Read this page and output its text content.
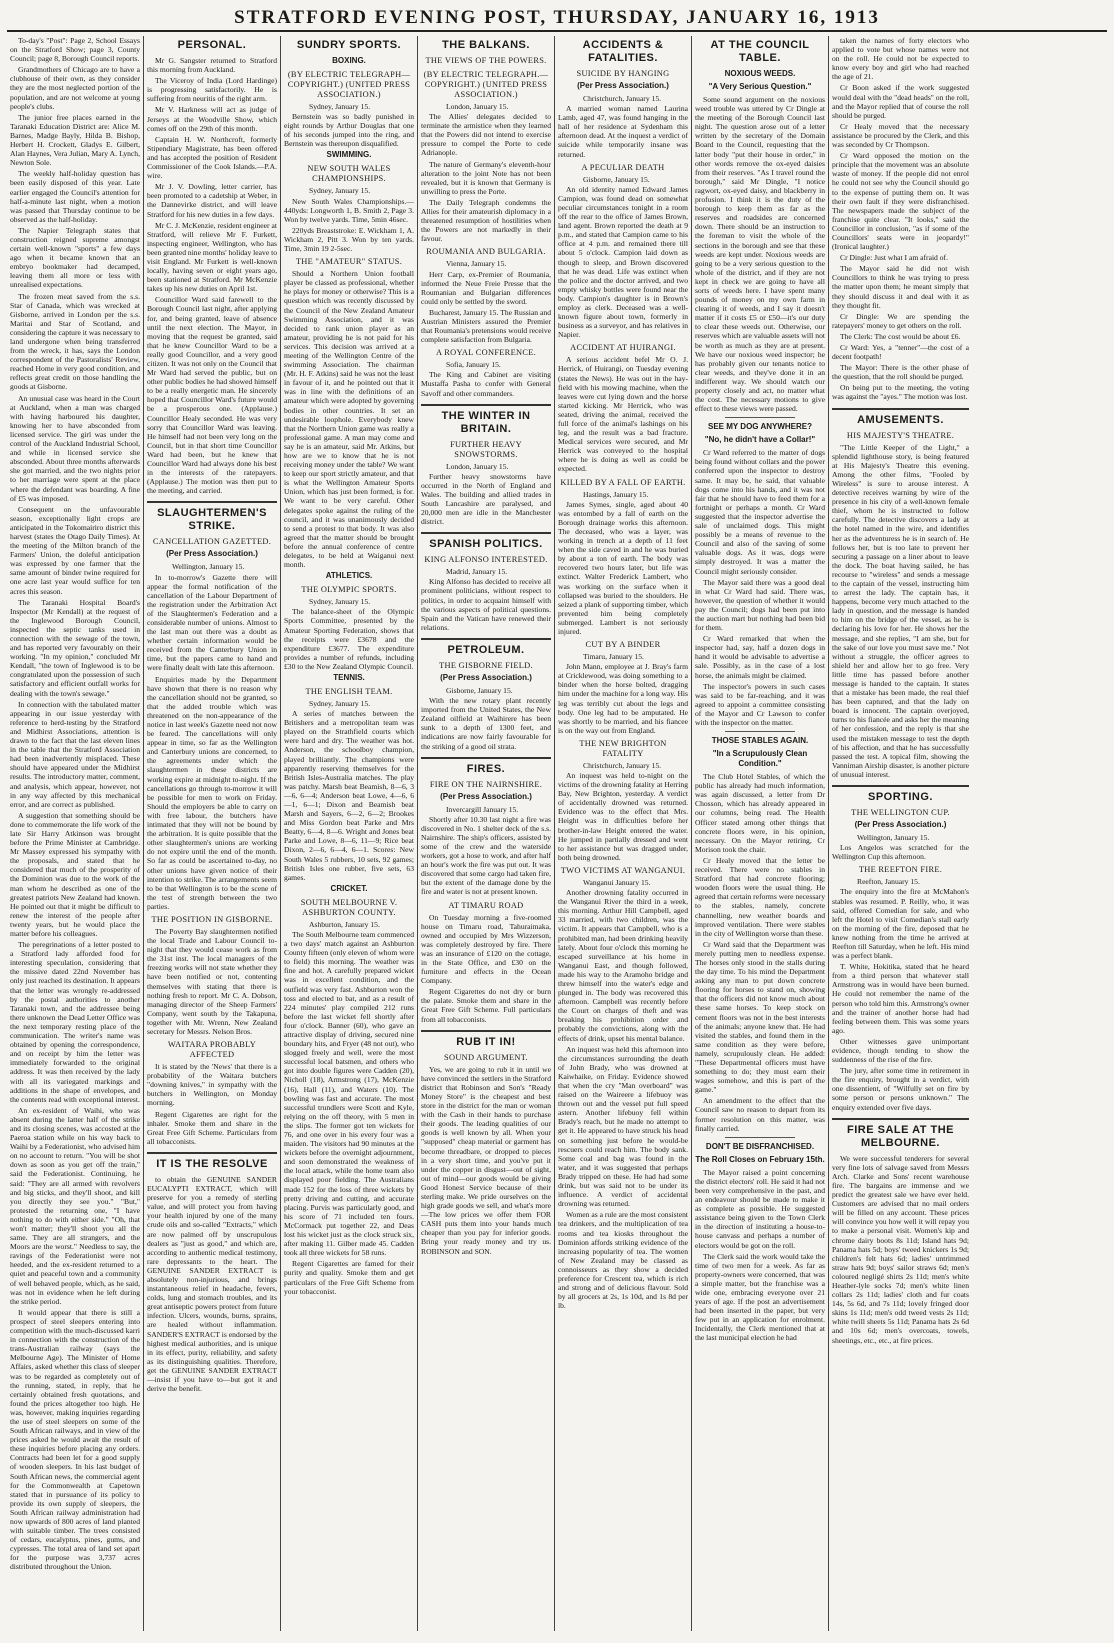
STRATFORD EVENING POST, THURSDAY, JANUARY 16, 1913

To-day's "Post": Page 2, School Essays on the Stratford Show; page 3, County Council; page 8, Borough Council reports.

Grandmothers of Chicago are to have a clubhouse of their own, as they consider they are the most neglected portion of the population, and are not welcome at young people's clubs.

The junior free places earned in the Taranaki Education District are: Alice M. Barnes, Madge Bayly, Hilda B. Bishop, Herbert H. Crockett, Gladys E. Gilbert, Alan Haynes, Vera Julian, Mary A. Lynch, Newton Sole.

The weekly half-holiday question has been easily disposed of this year. Late earlier engaged the Council's attention for half-a-minute last night, when a motion was passed that Thursday continue to be observed as the half-holiday.

The Napier Telegraph states that construction reigned supreme amongst certain well-known "sports" a few days ago when it became known that an embryo bookmaker had decamped, leaving them all more or less with unrealised expectations.

The frozen meat saved from the s.s. Star of Canada, which was wrecked at Gisborne, arrived in London per the s.s. Maritai and Star of Scotland, and considering the capture it was necessary to land undergone when being transferred from the wreck, it has, says the London correspondent of the Pastoralists' Review, reached Home in very good condition, and reflects great credit on those handling the goods at Gisborne.

An unusual case was heard in the Court at Auckland, when a man was charged with having harboured his daughter, knowing her to have absconded from licensed service. The girl was under the control of the Auckland Industrial School, and while in licensed service she absconded. About three months afterwards she got married, and the two nights prior to her marriage were spent at the place where the defendant was boarding. A fine of £5 was imposed.

Consequent on the unfavourable season, exceptionally light crops are anticipated in the Tokomairiro district this harvest (states the Otago Daily Times). At the meeting of the Milton branch of the Farmers' Union, the doleful anticipation was expressed by one farmer that the same amount of binder twine required for one acre last year would suffice for ten acres this season.

The Taranaki Hospital Board's Inspector (Mr Kendall) at the request of the Inglewood Borough Council, inspected the septic tanks used in connection with the sewage of the town, and has reported very favourably on their working. "In my opinion," concluded Mr Kendall, "the town of Inglewood is to be congratulated upon the possession of such satisfactory and efficient outfall works for dealing with the town's sewage."

In connection with the tabulated matter appearing in our issue yesterday with reference to herd-testing by the Stratford and Midhirst Associations, attention is drawn to the fact that the last eleven lines in the table that the Stratford Association had been inadvertently misplaced. These should have appeared under the Midhirst results. The introductory matter, comment, and analysis, which appear, however, not in any way affected by this mechanical error, and are correct as published.

A suggestion that something should be done to commemorate the life work of the late Sir Harry Atkinson was brought before the Prime Minister at Cambridge. Mr Massey expressed his sympathy with the proposals, and stated that he considered that much of the prosperity of the Dominion was due to the work of the man whom he described as one of the greatest patriots New Zealand had known. He pointed out that it might be difficult to renew the interest of the people after twenty years, but he would place the matter before his colleagues.

The peregrinations of a letter posted to a Stratford lady afforded food for interesting speculation, considering that the missive dated 22nd November has only just reached its destination. It appears that the letter was wrongly re-addressed by the postal authorities to another Taranaki town, and the addressee being there unknown the Dead Letter Office was the next temporary resting place of the communication. The writer's name was obtained by opening the correspondence, and on receipt by him the letter was immediately forwarded to the original address. It was then received by the lady with all its variegated markings and additions in the shape of envelopes, and the contents read with exceptional interest.

An ex-resident of Waihi, who was absent during the latter half of the strike and its closing scenes, was accosted at the Paeroa station while on his way back to Waihi by a Federationist, who advised him on no account to return. "You will be shot down as soon as you get off the train," said the Federationist. Continuing, he said: "They are all armed with revolvers and big sticks, and they'll shoot, and kill you directly they see you." "But," protested the returning one, "I have nothing to do with either side." "Oh, that won't matter; they'll shoot you all the same. They are all strangers, and the Moors are the worst." Needless to say, the ravings of the Federationist were not heeded, and the ex-resident returned to a quiet and peaceful town and a community of well behaved people, which, as he said, was not in evidence when he left during the strike period.

It would appear that there is still a prospect of steel sleepers entering into competition with the much-discussed karri in connection with the construction of the trans-Australian railway (says the Melbourne Age). The Minister of Home Affairs, asked whether this class of sleeper was to be regarded as completely out of the running, stated, in reply, that he certainly obtained fresh quotations, and found the prices altogether too high. He was, however, making inquiries regarding the use of steel sleepers on some of the South African railways, and in view of the prices asked he would await the result of these inquiries before placing any orders. Contracts had been let for a good supply of wooden sleepers. In his last budget of South African news, the commercial agent for the Commonwealth at Capetown stated that in pursuance of its policy to provide its own supply of sleepers, the South African railway administration had now upwards of 800 acres of land planted with suitable timber. The trees consisted of cedars, eucalyptus, pines, gums, and cypresses. The total area of land set apart for the purpose was 3,737 acres distributed throughout the Union.

PERSONAL.

Mr G. Sangster returned to Stratford this morning from Auckland.

The Viceroy of India (Lord Hardinge) is progressing satisfactorily. He is suffering from neuritis of the right arm.

Mr V. Harkness will act as judge of Jerseys at the Woodville Show, which comes off on the 29th of this month.

Captain H. W. Northcroft, formerly Stipendiary Magistrate, has been offered and has accepted the position of Resident Commissioner of the Cook Islands.—P.A. wire.

Mr J. V. Dowling, letter carrier, has been promoted to a cadetship at Weber, in the Dannevirke district, and will leave Stratford for his new duties in a few days.

Mr C. J. McKenzie, resident engineer at Stratford, will relieve Mr F. Furkett, inspecting engineer, Wellington, who has been granted nine months' holiday leave to visit England. Mr Furkett is well-known locally, having seven or eight years ago, been stationed at Stratford. Mr McKenzie takes up his new duties on April 1st.

Councillor Ward said farewell to the Borough Council last night, after applying for, and being granted, leave of absence until the next election. The Mayor, in moving that the request be granted, said that he knew Councillor Ward to be a really good Councillor, and a very good citizen. It was not only on the Council that Mr Ward had served the public, but on other public bodies he had showed himself to be a really energetic man. He sincerely hoped that Councillor Ward's future would be a prosperous one. (Applause.) Councillor Healy seconded. He was very sorry that Councillor Ward was leaving. He himself had not been very long on the Council, but in that short time Councillor Ward had been, but he knew that Councillor Ward had always done his best in the interests of the ratepayers. (Applause.) The motion was then put to the meeting, and carried.

SLAUGHTERMEN'S STRIKE.
CANCELLATION GAZETTED.
(Per Press Association.)
Wellington, January 15.

In to-morrow's Gazette there will appear the formal notification of the cancellation of the Labour Department of the registration under the Arbitration Act of the Slaughtermen's Federation and a considerable number of unions. Almost to the last man out there was a doubt as whether certain information would be received from the Canterbury Union in time, but the papers came to hand and were finally dealt with late this afternoon.

Enquiries made by the Department have shown that there is no reason why the cancellation should not be granted, so that the added trouble which was threatened on the non-appearance of the notice in last week's Gazette need not now be feared. The cancellations will only appear in time, so far as the Wellington and Canterbury unions are concerned, to the agreements under which the slaughtermen in these districts are working expire at midnight to-night. If the cancellations go through to-morrow it will be possible for men to work on Friday. Should the employers be able to carry on with free labour, the butchers have intimated that they will not be bound by the arbitration. It is quite possible that the other slaughtermen's unions are working do not expire until the end of the month. So far as could be ascertained to-day, no other unions have given notice of their intention to strike. The arrangements seem to be that Wellington is to be the scene of the test of strength between the two parties.

THE POSITION IN GISBORNE.

The Poverty Bay slaughtermen notified the local Trade and Labour Council to-night that they would cease work as from the 31st inst. The local managers of the freezing works will not state whether they have been notified or not, contenting themselves with stating that there is nothing fresh to report. Mr C. A. Dobson, managing director of the Sheep Farmers' Company, went south by the Takapuna, together with Mr. Wrenn, New Zealand secretary for Messrs. Nelson Bros.

WAITARA PROBABLY AFFECTED

It is stated by the 'News' that there is a probability of the Waitara butchers "downing knives," in sympathy with the butchers in Wellington, on Monday morning.

Regent Cigarettes are right for the inhaler. Smoke them and share in the Great Free Gift Scheme. Particulars from all tobacconists.

IT IS THE RESOLVE

to obtain the GENUINE SANDER EUCALYPTI EXTRACT, which will preserve for you a remedy of sterling value, and will protect you from having your health injured by one of the many crude oils and so-called "Extracts," which are now palmed off by unscrupulous dealers as "just as good," and which are, according to authentic medical testimony, rare depressants to the heart. The GENUINE SANDER EXTRACT is absolutely non-injurious, and brings instantaneous relief in headache, fevers, colds, lung and stomach troubles, and its great antiseptic powers protect from future infection. Ulcers, wounds, burns, sprains, are healed without inflammation. SANDER'S EXTRACT is endorsed by the highest medical authorities, and is unique in its effect, purity, reliability, and safety as its distinguishing qualities. Therefore, get the GENUINE SANDER EXTRACT—insist if you have to—but got it and derive the benefit.

SUNDRY SPORTS.
BOXING.
(BY ELECTRIC TELEGRAPH—COPYRIGHT.) (UNITED PRESS ASSOCIATION.)
Sydney, January 15.

Bernstein was so badly punished in eight rounds by Arthur Douglas that one of his seconds jumped into the ring, and Bernstein was thereupon disqualified.

SWIMMING.
NEW SOUTH WALES CHAMPIONSHIPS.
Sydney, January 15.

New South Wales Championships.—440yds: Longworth 1, B. Smith 2, Page 3. Won by twelve yards. Time, 5min 46sec.

220yds Breaststroke: E. Wickham 1, A. Wickham 2, Pitt 3. Won by ten yards. Time, 3min 19 2-5sec.

THE "AMATEUR" STATUS.

Should a Northern Union football player be classed as professional, whether he plays for money or otherwise? This is a question which was recently discussed by the Council of the New Zealand Amateur Swimming Association, and it was decided to rank union player as an amateur, providing he is not paid for his services. This decision was arrived at a meeting of the Wellington Centre of the swimming Association. The chairman (Mr. H. F. Atkins) said he was not the least in favour of it, and he pointed out that it was in line with the definitions of an amateur which were adopted by governing bodies in other countries. It set an undesirable loophole. Everybody knew that the Northern Union game was really a professional game. A man may come and say he is an amateur, said Mr. Atkins, but how are we to know that he is not receiving money under the table? We want to keep our sport strictly amateur, and that is what the Wellington Amateur Sports Union, which has just been formed, is for. We want to be very careful. Other delegates spoke against the ruling of the council, and it was unanimously decided to send a protest to that body. It was also agreed that the matter should be brought before the annual conference of centre delegates, to be held at Waiganui next month.

ATHLETICS.
THE OLYMPIC SPORTS.
Sydney, January 15.

The balance-sheet of the Olympic Sports Committee, presented by the Amateur Sporting Federation, shows that the receipts were £3678 and the expenditure £3677. The expenditure provides a number of refunds, including £30 to the New Zealand Olympic Council.

TENNIS.
THE ENGLISH TEAM.
Sydney, January 15.

A series of matches between the Britishers and a metropolitan team was played on the Strathfield courts which were hard and dry. The weather was hot. Anderson, the schoolboy champion, played brilliantly. The champions were apparently reserving themselves for the British Isles-Australia matches. The play was patchy. Marsh beat Beamish, 8—6, 3—6, 6—4; Anderson beat Lowe, 4—6, 6—1, 6—1; Dixon and Beamish beat Marsh and Sayers, 6—2, 6—2; Brookes and Miss Gordon beat Parke and Mrs Beatty, 6—4, 8—6. Wright and Jones beat Parke and Lowe, 8—6, 11—9; Rice beat Dixon, 2—6, 6—4, 6—1. Scores: New South Wales 5 rubbers, 10 sets, 92 games; British Isles one rubber, five sets, 63 games.

CRICKET.
SOUTH MELBOURNE V. ASHBURTON COUNTY.
Ashburton, January 15.

The South Melbourne team commenced a two days' match against an Ashburton County fifteen (only eleven of whom were to field) this morning. The weather was fine and hot. A carefully prepared wicket was in excellent condition, and the outfield was very fast. Ashburton won the toss and elected to bat, and as a result of 224 minutes' play compiled 212 runs before the last wicket fell shortly after four o'clock. Banner (60), who gave an attractive display of driving, secured nine boundary hits, and Fryer (48 not out), who slogged freely and well, were the most successful local batsmen, and others who got into double figures were Cadden (20), Nicholl (18), Armstrong (17), McKenzie (16), Hall (11), and Waters (10). The bowling was fast and accurate. The most successful trundlers were Scott and Kyle, relying on the off theory, with 5 men in the slips. The former got ten wickets for 76, and one over in his every four was a maiden. The visitors had 90 minutes at the wickets before the overnight adjournment, and soon demonstrated the weakness of the local attack, while the home team also displayed poor fielding. The Australians made 152 for the loss of three wickets by pretty driving and cutting, and accurate placing. Purvis was particularly good, and his score of 71 included ten fours. McCormack put together 22, and Deas lost his wicket just as the clock struck six, after making 11. Gilber made 45. Cadden took all three wickets for 58 runs.

Regent Cigarettes are famed for their purity and quality. Smoke them and get particulars of the Free Gift Scheme from your tobacconist.

THE BALKANS.
THE VIEWS OF THE POWERS.
(BY ELECTRIC TELEGRAPH.—COPYRIGHT.) (UNITED PRESS ASSOCIATION.)
London, January 15.

The Allies' delegates decided to terminate the armistice when they learned that the Powers did not intend to exercise pressure to compel the Porte to cede Adrianople.

The nature of Germany's eleventh-hour alteration to the joint Note has not been revealed, but it is known that Germany is unwilling to press the Porte.

The Daily Telegraph condemns the Allies for their amateurish diplomacy in a threatened resumption of hostilities when the Powers are not markedly in their favour.

ROUMANIA AND BULGARIA.
Vienna, January 15.

Herr Carp, ex-Premier of Roumania, informed the Neue Freie Presse that the Roumanian and Bulgarian differences could only be settled by the sword.

Bucharest, January 15. The Russian and Austrian Ministers assured the Premier that Roumania's pretensions would receive complete satisfaction from Bulgaria.

A ROYAL CONFERENCE.
Sofia, January 15.

The King and Cabinet are visiting Mustaffa Pasha to confer with General Savoff and other commanders.

THE WINTER IN BRITAIN.
FURTHER HEAVY SNOWSTORMS.
London, January 15.

Further heavy snowstorms have occurred in the North of England and Wales. The building and allied trades in South Lancashire are paralysed, and 20,000 men are idle in the Manchester district.

SPANISH POLITICS.
KING ALFONSO INTERESTED.
Madrid, January 15.

King Alfonso has decided to receive all prominent politicians, without respect to politics, in order to acquaint himself with the various aspects of political questions. Spain and the Vatican have renewed their relations.

PETROLEUM.
THE GISBORNE FIELD.
(Per Press Association.)
Gisborne, January 15.

With the new rotary plant recently imported from the United States, the New Zealand oilfield at Waihirere has been sunk to a depth of 1300 feet, and indications are now fairly favourable for the striking of a good oil strata.

FIRES.
FIRE ON THE NAIRNSHIRE.
(Per Press Association.)
Invercargill January 15.

Shortly after 10.30 last night a fire was discovered in No. 1 shelter deck of the s.s. Nairnshire. The ship's officers, assisted by some of the crew and the waterside workers, got a hose to work, and after half an hour's work the fire was put out. It was discovered that some cargo had taken fire, but the extent of the damage done by the fire and water is not at present known.

AT TIMARU ROAD

On Tuesday morning a five-roomed house on Timaru road, Tahuraimaka, owned and occupied by Mrs Wizzerson, was completely destroyed by fire. There was an insurance of £120 on the cottage, in the State Office, and £30 on the furniture and effects in the Ocean Company.

Regent Cigarettes do not dry or burn the palate. Smoke them and share in the Great Free Gift Scheme. Full particulars from all tobacconists.

RUB IT IN!
SOUND ARGUMENT.

Yes, we are going to rub it in until we have convinced the settlers in the Stratford district that Robinson and Son's "Ready Money Store" is the cheapest and best store in the district for the man or woman with the Cash in their hands to purchase their goods. The leading qualities of our goods is well known by all. When your "supposed" cheap material or garment has become threadbare, or dropped to pieces in a very short time, and you've put it under the copper in disgust—out of sight, out of mind—our goods would be giving Good Honest Service because of their sterling make. We pride ourselves on the high grade goods we sell, and what's more—The low prices we offer them FOR CASH puts them into your hands much cheaper than you pay for inferior goods. Bring your ready money and try us. ROBINSON and SON.

ACCIDENTS & FATALITIES.
SUICIDE BY HANGING
(Per Press Association.)
Christchurch, January 15.

A married woman named Laurina Lamb, aged 47, was found hanging in the hall of her residence at Sydenham this afternoon dead. At the inquest a verdict of suicide while temporarily insane was returned.

A PECULIAR DEATH
Gisborne, January 15.

An old identity named Edward James Campion, was found dead on somewhat peculiar circumstances tonight in a room off the rear to the office of James Brown, land agent. Brown reported the death at 9 p.m., and stated that Campion came to his office at 4 p.m. and remained there till about 5 o'clock. Campion laid down as though to sleep, and Brown discovered that he was dead. Life was extinct when the police and the doctor arrived, and two empty whisky bottles were found near the body. Campion's daughter is in Brown's employ as clerk. Deceased was a well-known figure about town, formerly in business as a surveyor, and has relatives in Napier.

ACCIDENT AT HUIRANGI.

A serious accident befel Mr O. J. Herrick, of Huirangi, on Tuesday evening (states the News). He was out in the hay-field with his mowing machine, when the leaves were cut lying down and the horse started kicking. Mr Herrick, who was seated, driving the animal, received the full force of the animal's lashings on his leg, and the result was a bad fracture. Medical services were secured, and Mr Herrick was conveyed to the hospital where he is doing as well as could be expected.

KILLED BY A FALL OF EARTH.
Hastings, January 15.

James Symes, single, aged about 40 was entombed by a fall of earth on the Borough drainage works this afternoon. The deceased, who was a layer, was working in trench at a depth of 11 feet when the side caved in and he was buried by about a ton of earth. The body was recovered two hours later, but life was extinct. Walter Frederick Lambert, who was working on the surface when it collapsed was buried to the shoulders. He seized a plank of supporting timber, which prevented him being completely submerged. Lambert is not seriously injured.

CUT BY A BINDER
Timaru, January 15.

John Mann, employee at J. Bray's farm at Cricklewood, was doing something to a binder when the horse bolted, dragging him under the machine for a long way. His leg was terribly cut about the legs and body. One leg had to be amputated. He was shortly to be married, and his fiancee is on the way out from England.

THE NEW BRIGHTON FATALITY
Christchurch, January 15.

An inquest was held to-night on the victims of the drowning fatality at Herring Bay, New Brighton, yesterday. A verdict of accidentally drowned was returned. Evidence was to the effect that Mrs. Height was in difficulties before her brother-in-law Height entered the water. He jumped in partially dressed and went to her assistance but was dragged under, both being drowned.

TWO VICTIMS AT WANGANUI.
Wanganui January 15.

Another drowning fatality occurred in the Wanganui River the third in a week, this morning. Arthur Hill Campbell, aged 33 married, with two children, was the victim. It appears that Campbell, who is a prohibited man, had been drinking heavily lately. About four o'clock this morning he escaped surveillance at his home in Wanganui East, and though followed, made his way to the Aramoho bridge and threw himself into the water's edge and plunged in. The body was recovered this afternoon. Campbell was recently before the Court on charges of theft and was breaking his prohibition order and probably the convictions, along with the effects of drink, upset his mental balance.

An inquest was held this afternoon into the circumstances surrounding the death of John Brady, who was drowned at Kaiwhaike, on Friday. Evidence showed that when the cry "Man overboard" was raised on the Waireere a lifebuoy was thrown out and the vessel put full speed astern. Another lifebuoy fell within Brady's reach, but he made no attempt to get it. He appeared to have struck his head on something just before he would-be rescuers could reach him. The body sank. Some coal and bag was found in the water, and it was suggested that perhaps Brady tripped on these. He had had some drink, but was said not to be under its influence. A verdict of accidental drowning was returned.

Women as a rule are the most consistent tea drinkers, and the multiplication of tea rooms and tea kiosks throughout the Dominion affords striking evidence of the increasing popularity of tea. The women of New Zealand may be classed as connoisseurs as they show a decided preference for Crescent tea, which is rich and strong and of delicious flavour. Sold by all grocers at 2s, 1s 10d, and 1s 8d per lb.

AT THE COUNCIL TABLE.
NOXIOUS WEEDS.
"A Very Serious Question."

Some sound argument on the noxious weed trouble was uttered by Cr Dingle at the meeting of the Borough Council last night. The question arose out of a letter written by the secretary of the Domain Board to the Council, requesting that the latter body "put their house in order," in other words remove the ox-eyed daisies from their reserves. "As I travel round the borough," said Mr Dingle, "I notice ragwort, ox-eyed daisy, and blackberry in profusion. I think it is the duty of the borough to keep them as far as the reserves and roadsides are concerned down. There should be an instruction to the foreman to visit the whole of the sections in the borough and see that these weeds are kept under. Noxious weeds are going to be a very serious question to the whole of the district, and if they are not kept in check we are going to have all sorts of weeds here. I have spent many pounds of money on my own farm in clearing it of weeds, and I say it doesn't matter if it costs £5 or £50—it's our duty to clear these weeds out. Otherwise, our reserves which are valuable assets will not be worth as much as they are at present. We have our noxious weed inspector; he has probably given our tenants notice to clear weeds, and they've done it in an indifferent way. We should watch our property closely and act, no matter what the cost. The necessary motions to give effect to these views were passed.

SEE MY DOG ANYWHERE?
"No, he didn't have a Collar!"

Cr Ward referred to the matter of dogs being found without collars and the power conferred upon the inspector to destroy same. It may be, he said, that valuable dogs come into his hands, and it was not fair that he should have to feed them for a fortnight or perhaps a month. Cr Ward suggested that the inspector advertise the sale of unclaimed dogs. This might possibly be a means of revenue to the Council and also of the saving of some valuable dogs. As it was, dogs were simply destroyed. It was a matter the Council might seriously consider.

The Mayor said there was a good deal in what Cr Ward had said. There was, however, the question of whether it would pay the Council; dogs had been put into the auction mart but nothing had been bid for them.

Cr Ward remarked that when the inspector had, say, half a dozen dogs in hand it would be advisable to advertise a sale. Possibly, as in the case of a lost horse, the animals might be claimed.

The inspector's powers in such cases was said to be far-reaching, and it was agreed to appoint a committee consisting of the Mayor and Cr Lawson to confer with the inspector on the matter.

THOSE STABLES AGAIN.
"In a Scrupulously Clean Condition."

The Club Hotel Stables, of which the public has already had much information, was again discussed, a letter from Dr Chosson, which has already appeared in our columns, being read. The Health Officer stated among other things that concrete floors were, in his opinion, necessary. On the Mayor retiring, Cr Morison took the chair.

Cr Healy moved that the letter be received. There were no stables in Stratford that had concrete flooring; wooden floors were the usual thing. He agreed that certain reforms were necessary to the stables, namely, concrete channelling, new weather boards and improved ventilation. There were stables in the city of Wellington worse than these.

Cr Ward said that the Department was merely putting men to needless expense. The horses only stood in the stalls during the day time. To his mind the Department asking any man to put down concrete flooring for horses to stand on, showing that the officers did not know much about these same horses. To keep stock on cement floors was not in the best interests of the animals; anyone knew that. He had visited the stables, and found them in the same condition as they were before, namely, scrupulously clean. He added: "These Departmental officers must have something to do; they must earn their wages somehow, and this is part of the game."

An amendment to the effect that the Council saw no reason to depart from its former resolution on this matter, was finally carried.

DON'T BE DISFRANCHISED.
The Roll Closes on February 15th.

The Mayor raised a point concerning the district electors' roll. He said it had not been very comprehensive in the past, and an endeavour should be made to make it as complete as possible. He suggested assistance being given to the Town Clerk in the direction of instituting a house-to-house canvass and perhaps a number of electors would be got on the roll.

The Clerk said the work would take the time of two men for a week. As far as property-owners were concerned, that was a simple matter, but the franchise was a wide one, embracing everyone over 21 years of age. If the post an advertisement had been inserted in the paper, but very few put in an application for enrolment. Incidentally, the Clerk mentioned that at the last municipal election he had

taken the names of forty electors who applied to vote but whose names were not on the roll. He could not be expected to know every boy and girl who had reached the age of 21.

Cr Boon asked if the work suggested would deal with the "dead heads" on the roll, and the Mayor replied that of course the roll should be purged.

Cr Healy moved that the necessary assistance be procured by the Clerk, and this was seconded by Cr Thompson.

Cr Ward opposed the motion on the principle that the movement was an absolute waste of money. If the people did not enrol he could not see why the Council should go to the expense of putting them on. It was their own fault if they were disfranchised. The newspapers made the subject of the franchise quite clear. "It looks," said the Councillor in conclusion, "as if some of the Councillors' seats were in jeopardy!" (Ironical laughter.)

Cr Dingle: Just what I am afraid of.

The Mayor said he did not wish Councillors to think he was trying to press the matter upon them; he meant simply that they should discuss it and deal with it as they thought fit.

Cr Dingle: We are spending the ratepayers' money to get others on the roll.

The Clerk: The cost would be about £6.

Cr Ward: Yes, a "tenner"—the cost of a decent footpath!

The Mayor: There is the other phase of the question, that the roll should be purged.

On being put to the meeting, the voting was against the "ayes." The motion was lost.

AMUSEMENTS.
HIS MAJESTY'S THEATRE.

"The Little Keeper of the Light," a splendid lighthouse story, is being featured at His Majesty's Theatre this evening. Among the other films, "Fooled by Wireless" is sure to arouse interest. A detective receives warning by wire of the presence in his city of a well-known female thief, whom he is instructed to follow carefully. The detective discovers a lady at the hotel named in the wire, and identifies her as the adventuress he is in search of. He follows her, but is too late to prevent her securing a passage on a liner about to leave the dock. The boat having sailed, he has recourse to "wireless" and sends a message to the captain of the vessel, instructing him to arrest the lady. The captain has, it happens, become very much attached to the lady in question, and the message is handed to him on the bridge of the vessel, as he is declaring his love for her. He shows her the message, and she replies, "I am she, but for the sake of our love you must save me." Not without a struggle, the officer agrees to shield her and allow her to go free. Very little time has passed before another message is handed to the captain. It states that a mistake has been made, the real thief has been captured, and that the lady on board is innocent. The captain overjoyed, turns to his fiancée and asks her the meaning of her confession, and the reply is that she used the mistaken message to test the depth of his affection, and that he has successfully passed the test. A topical film, showing the Vanniman Airship disaster, is another picture of unusual interest.

SPORTING.
THE WELLINGTON CUP.
(Per Press Association.)
Wellington, January 15.

Los Angelos was scratched for the Wellington Cup this afternoon.

THE REEFTON FIRE.
Reefton, January 15.

The enquiry into the fire at McMahon's stables was resumed. P. Reilly, who, it was said, offered Comedian for sale, and who left the Hotel to visit Comedian's stall early on the morning of the fire, deposed that he knew nothing from the time he arrived at Reefton till Saturday, when he left. His mind was a perfect blank.

T. White, Hokitika, stated that he heard from a third person that whatever stall Armstrong was in would have been burned. He could not remember the name of the person who told him this. Armstrong's owner and the trainer of another horse had had feeling between them. This was some years ago.

Other witnesses gave unimportant evidence, though tending to show the suddenness of the rise of the fire.

The jury, after some time in retirement in the fire enquiry, brought in a verdict, with one dissentient, of "Wilfully set on fire by some person or persons unknown." The enquiry extended over five days.

FIRE SALE AT THE MELBOURNE.

We were successful tenderers for several very fine lots of salvage saved from Messrs Arch. Clarke and Sons' recent warehouse fire. The bargains are immense and we predict the greatest sale we have ever held. Customers are advised that no mail orders will be filled on any account. These prices will convince you how well it will repay you to make a personal visit. Women's kip and chrome dairy boots 8s 11d; Island hats 9d; Panama hats 5d; boys' tweed knickers 1s 9d; children's felt hats 6d; ladies' untrimmed straw hats 9d; boys' sailor straws 6d; men's coloured negligé shirts 2s 11d; men's white Heather-lyle socks 7d; men's white linen collars 2s 11d; ladies' cloth and fur coats 14s, 5s 6d, and 7s 11d; lovely fringed door skins 1s 11d; men's odd tweed vests 2s 11d; white twill sheets 5s 11d; Panama hats 2s 6d and 10s 6d; men's overcoats, towels, sheetings, etc., etc., at fire prices.
